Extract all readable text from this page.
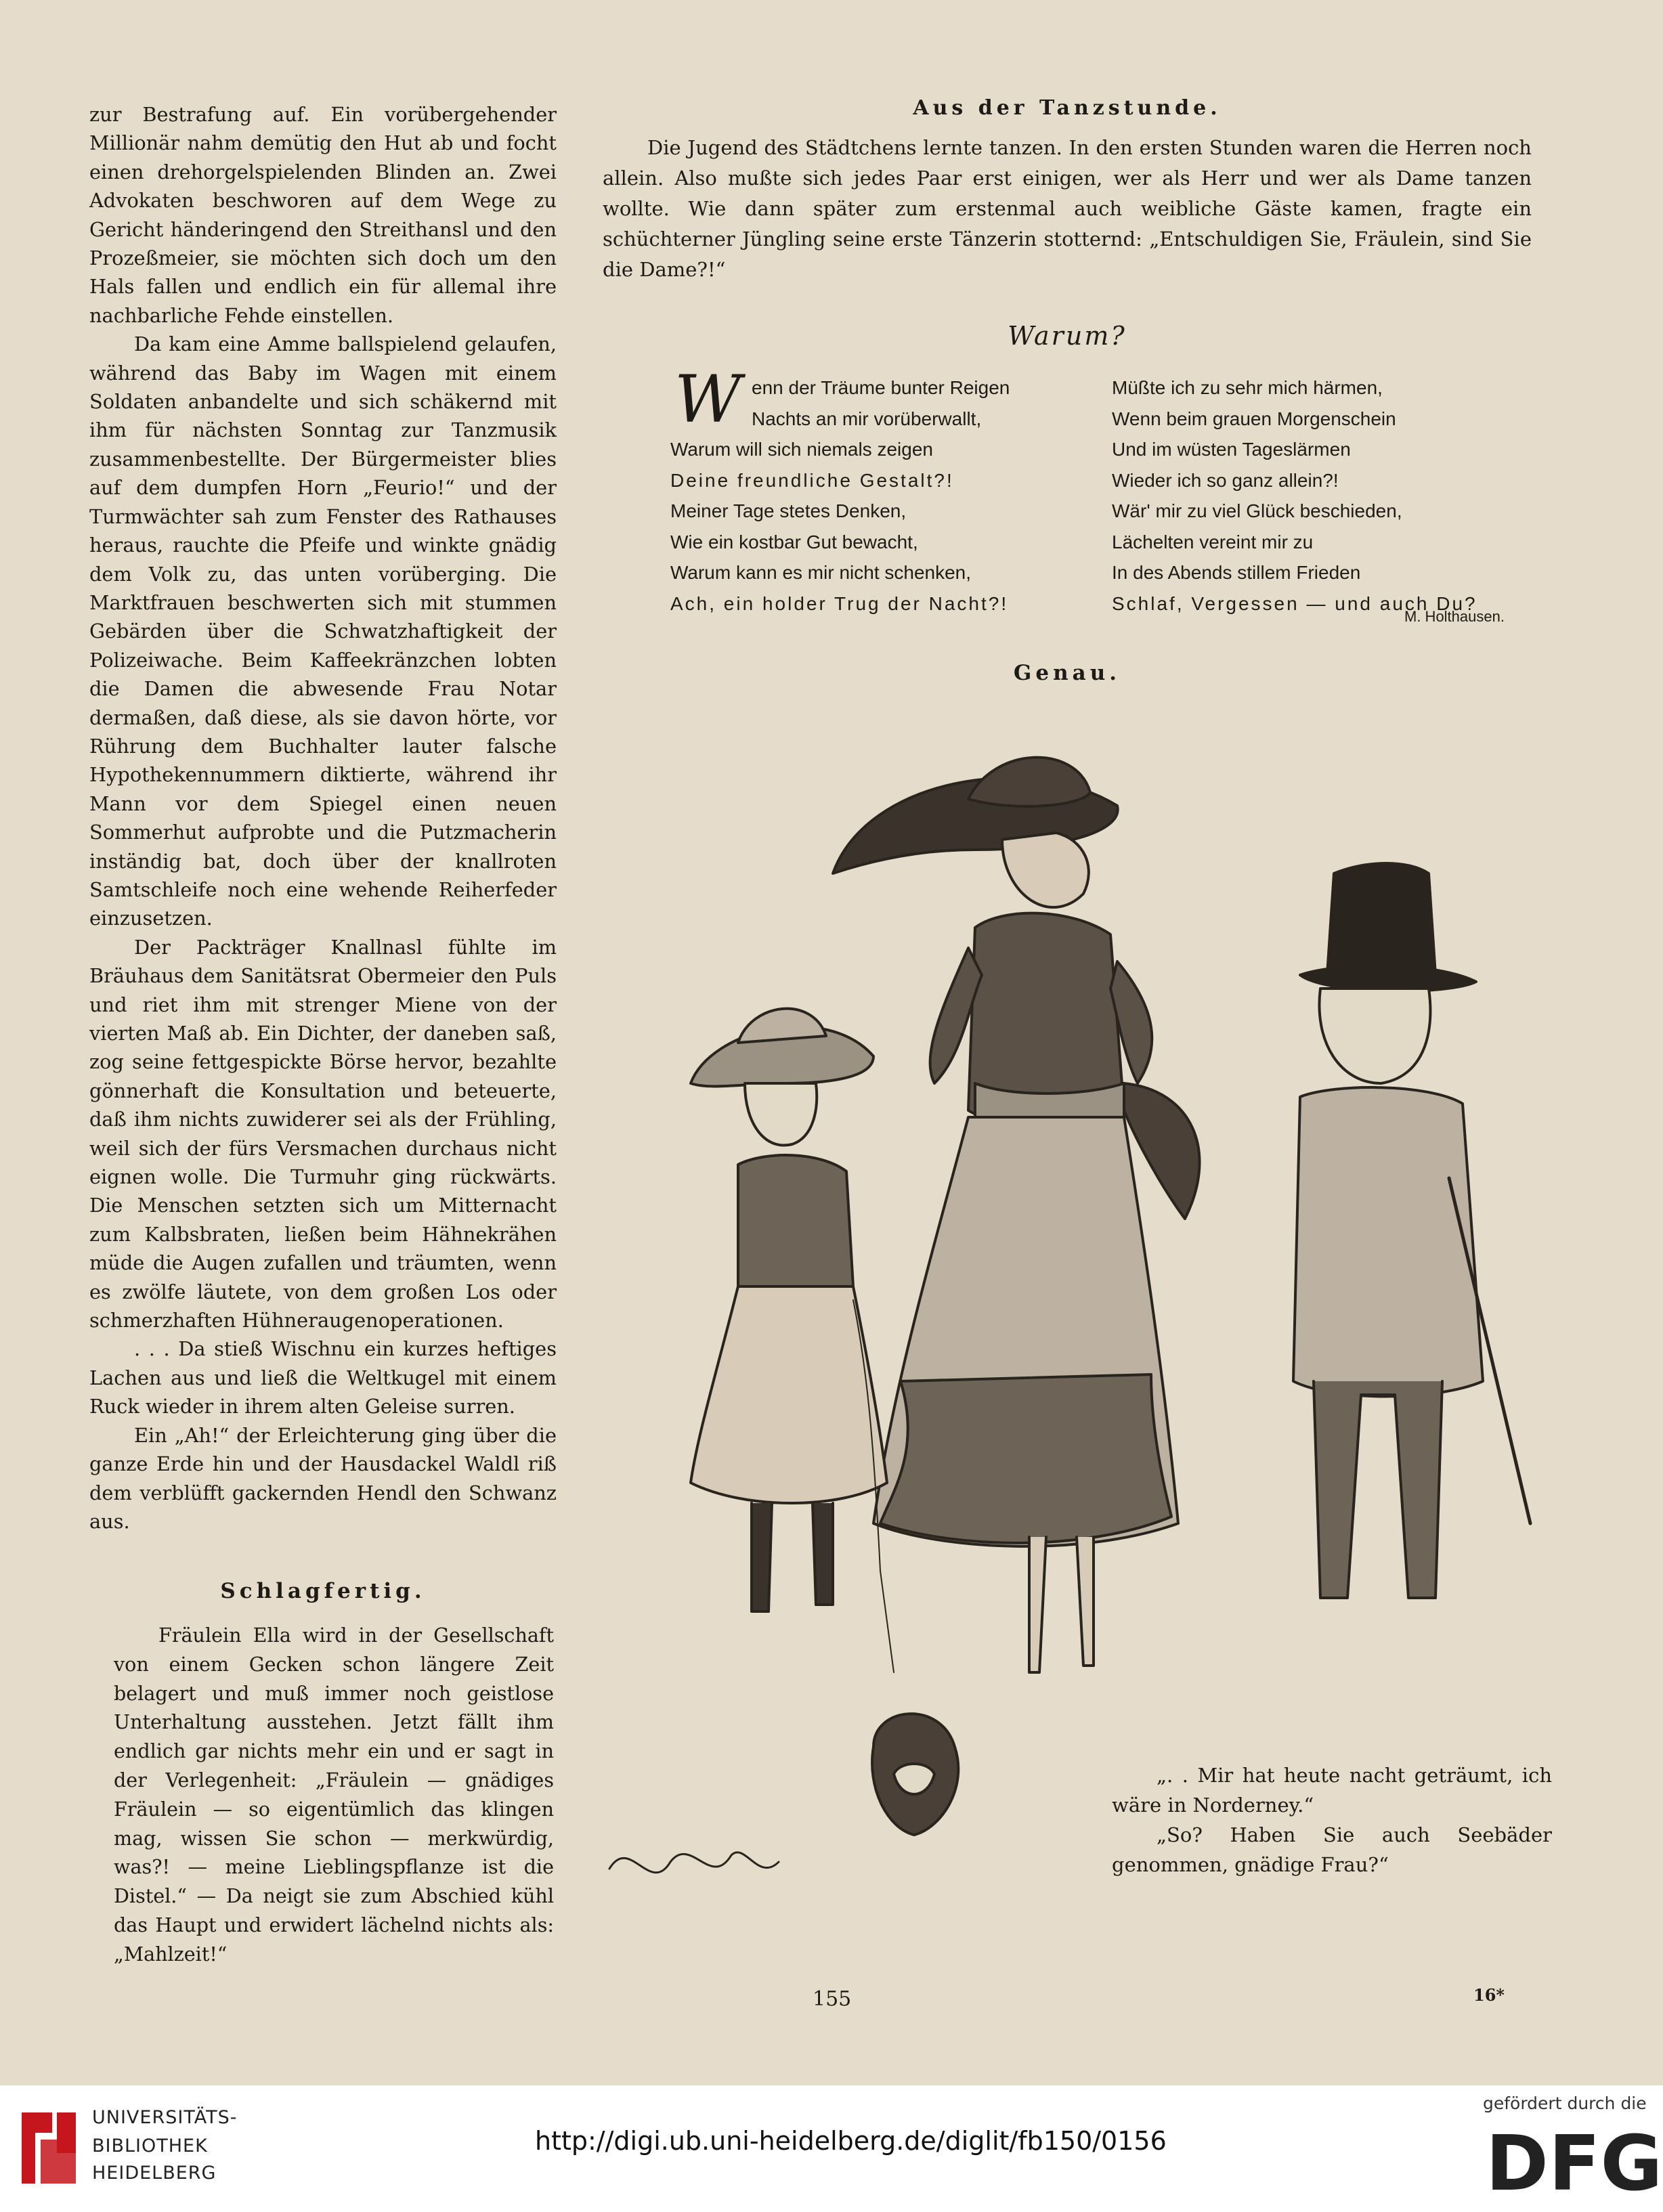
zur Bestrafung auf. Ein vorübergehender Millionär nahm demütig den Hut ab und focht einen drehorgelspielenden Blinden an. Zwei Advokaten beschworen auf dem Wege zu Gericht händeringend den Streithansl und den Prozeßmeier, sie möchten sich doch um den Hals fallen und endlich ein für allemal ihre nachbarliche Fehde einstellen.

Da kam eine Amme ballspielend gelaufen, während das Baby im Wagen mit einem Soldaten anbandelte und sich schäkernd mit ihm für nächsten Sonntag zur Tanzmusik zusammenbestellte. Der Bürgermeister blies auf dem dumpfen Horn „Feurio!“ und der Turmwächter sah zum Fenster des Rathauses heraus, rauchte die Pfeife und winkte gnädig dem Volk zu, das unten vorüberging. Die Marktfrauen beschwerten sich mit stummen Gebärden über die Schwatzhaftigkeit der Polizeiwache. Beim Kaffeekränzchen lobten die Damen die abwesende Frau Notar dermaßen, daß diese, als sie davon hörte, vor Rührung dem Buchhalter lauter falsche Hypothekennummern diktierte, während ihr Mann vor dem Spiegel einen neuen Sommerhut aufprobte und die Putzmacherin inständig bat, doch über der knallroten Samtschleife noch eine wehende Reiherfeder einzusetzen.

Der Packträger Knallnasl fühlte im Bräuhaus dem Sanitätsrat Obermeier den Puls und riet ihm mit strenger Miene von der vierten Maß ab. Ein Dichter, der daneben saß, zog seine fettgespickte Börse hervor, bezahlte gönnerhaft die Konsultation und beteuerte, daß ihm nichts zuwiderer sei als der Frühling, weil sich der fürs Versmachen durchaus nicht eignen wolle. Die Turmuhr ging rückwärts. Die Menschen setzten sich um Mitternacht zum Kalbsbraten, ließen beim Hähnekrähen müde die Augen zufallen und träumten, wenn es zwölfe läutete, von dem großen Los oder schmerzhaften Hühneraugenoperationen.

. . . Da stieß Wischnu ein kurzes heftiges Lachen aus und ließ die Weltkugel mit einem Ruck wieder in ihrem alten Geleise surren.

Ein „Ah!“ der Erleichterung ging über die ganze Erde hin und der Hausdackel Waldl riß dem verblüfft gackernden Hendl den Schwanz aus.

Schlagfertig.

Fräulein Ella wird in der Gesellschaft von einem Gecken schon längere Zeit belagert und muß immer noch geistlose Unterhaltung ausstehen. Jetzt fällt ihm endlich gar nichts mehr ein und er sagt in der Verlegenheit: „Fräulein — gnädiges Fräulein — so eigentümlich das klingen mag, wissen Sie schon — merkwürdig, was?! — meine Lieblingspflanze ist die Distel.“ — Da neigt sie zum Abschied kühl das Haupt und erwidert lächelnd nichts als: „Mahlzeit!“

Aus der Tanzstunde.

Die Jugend des Städtchens lernte tanzen. In den ersten Stunden waren die Herren noch allein. Also mußte sich jedes Paar erst einigen, wer als Herr und wer als Dame tanzen wollte. Wie dann später zum erstenmal auch weibliche Gäste kamen, fragte ein schüchterner Jüngling seine erste Tänzerin stotternd: „Entschuldigen Sie, Fräulein, sind Sie die Dame?!“

Warum?
W enn der Träume bunter Reigen
Nachts an mir vorüberwallt,
Warum will sich niemals zeigen
Deine freundliche Gestalt?!
Meiner Tage stetes Denken,
Wie ein kostbar Gut bewacht,
Warum kann es mir nicht schenken,
Ach, ein holder Trug der Nacht?!
Müßte ich zu sehr mich härmen,
Wenn beim grauen Morgenschein
Und im wüsten Tageslärmen
Wieder ich so ganz allein?!
Wär' mir zu viel Glück beschieden,
Lächelten vereint mir zu
In des Abends stillem Frieden
Schlaf, Vergessen — und auch Du?
M. Holthausen.
Genau.

„. . Mir hat heute nacht geträumt, ich wäre in Norderney.“

„So? Haben Sie auch Seebäder genommen, gnädige Frau?“

155	16*
UNIVERSITÄTS-
BIBLIOTHEK
HEIDELBERG
http://digi.ub.uni-heidelberg.de/diglit/fb150/0156
gefördert durch die
DFG
